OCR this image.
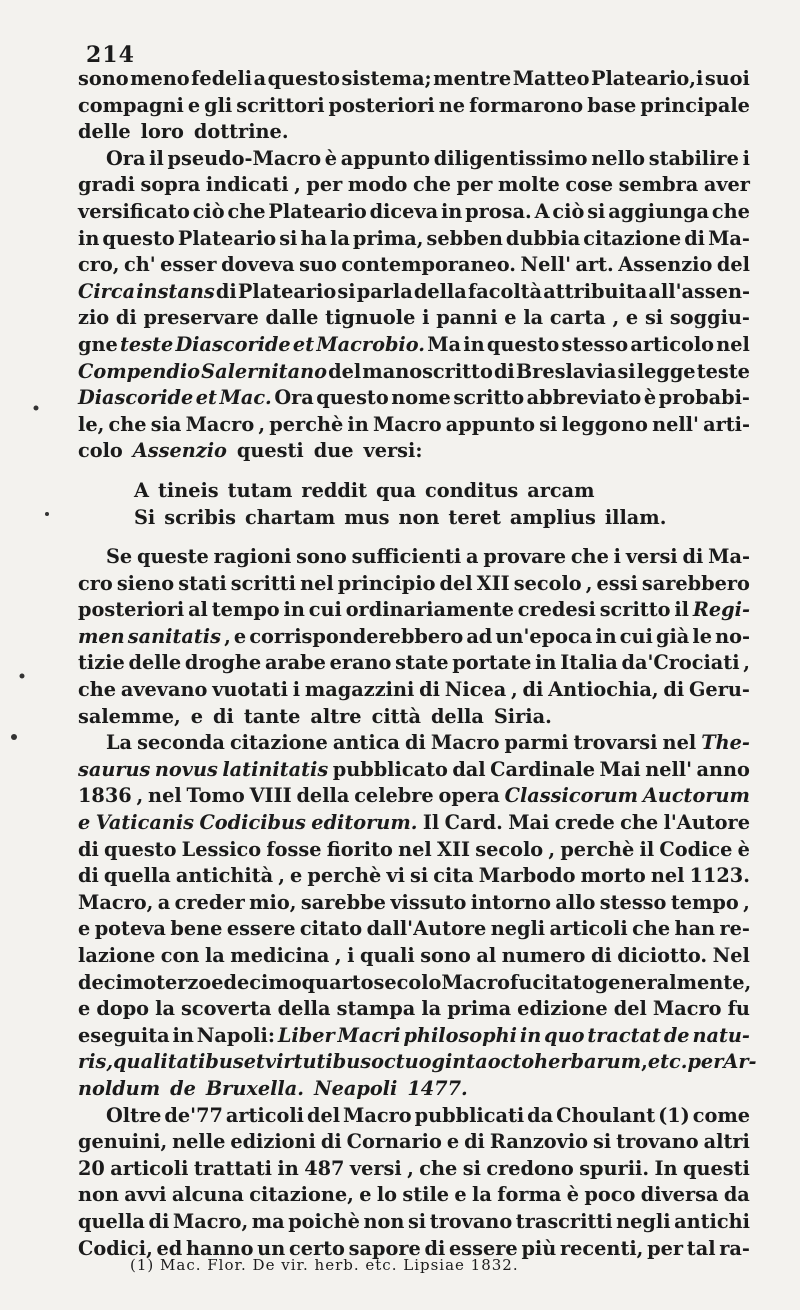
214
sono meno fedeli a questo sistema; mentre Matteo Plateario,i suoi
compagni e gli scrittori posteriori ne formarono base principale
delle loro dottrine.
Ora il pseudo-Macro è appunto diligentissimo nello stabilire i
gradi sopra indicati , per modo che per molte cose sembra aver
versificato ciò che Plateario diceva in prosa. A ciò si aggiunga che
in questo Plateario si ha la prima, sebben dubbia citazione di Ma-
cro, ch' esser doveva suo contemporaneo. Nell' art. Assenzio del
Circa instans di Plateario si parla della facoltà attribuita all'assen-
zio di preservare dalle tignuole i panni e la carta , e si soggiu-
gne teste Diascoride et Macrobio. Ma in questo stesso articolo nel
Compendio Salernitano del manoscritto di Breslavia si legge teste
Diascoride et Mac. Ora questo nome scritto abbreviato è probabi-
le, che sia Macro , perchè in Macro appunto si leggono nell' arti-
colo Assenzio questi due versi:
A tineis tutam reddit qua conditus arcam
Si scribis chartam mus non teret amplius illam.
Se queste ragioni sono sufficienti a provare che i versi di Ma-
cro sieno stati scritti nel principio del XII secolo , essi sarebbero
posteriori al tempo in cui ordinariamente credesi scritto il Regi-
men sanitatis , e corrisponderebbero ad un'epoca in cui già le no-
tizie delle droghe arabe erano state portate in Italia da'Crociati ,
che avevano vuotati i magazzini di Nicea , di Antiochia, di Geru-
salemme, e di tante altre città della Siria.
La seconda citazione antica di Macro parmi trovarsi nel The-
saurus novus latinitatis pubblicato dal Cardinale Mai nell' anno
1836 , nel Tomo VIII della celebre opera Classicorum Auctorum
e Vaticanis Codicibus editorum. Il Card. Mai crede che l'Autore
di questo Lessico fosse fiorito nel XII secolo , perchè il Codice è
di quella antichità , e perchè vi si cita Marbodo morto nel 1123.
Macro, a creder mio, sarebbe vissuto intorno allo stesso tempo ,
e poteva bene essere citato dall'Autore negli articoli che han re-
lazione con la medicina , i quali sono al numero di diciotto. Nel
decimoterzo e decimoquarto secolo Macro fu citato generalmente,
e dopo la scoverta della stampa la prima edizione del Macro fu
eseguita in Napoli: Liber Macri philosophi in quo tractat de natu-
ris, qualitatibus et virtutibus octuoginta octo herbarum , etc. per Ar-
noldum de Bruxella. Neapoli 1477.
Oltre de'77 articoli del Macro pubblicati da Choulant (1) come
genuini, nelle edizioni di Cornario e di Ranzovio si trovano altri
20 articoli trattati in 487 versi , che si credono spurii. In questi
non avvi alcuna citazione, e lo stile e la forma è poco diversa da
quella di Macro, ma poichè non si trovano trascritti negli antichi
Codici, ed hanno un certo sapore di essere più recenti, per tal ra-
(1) Mac. Flor. De vir. herb. etc. Lipsiae 1832.
